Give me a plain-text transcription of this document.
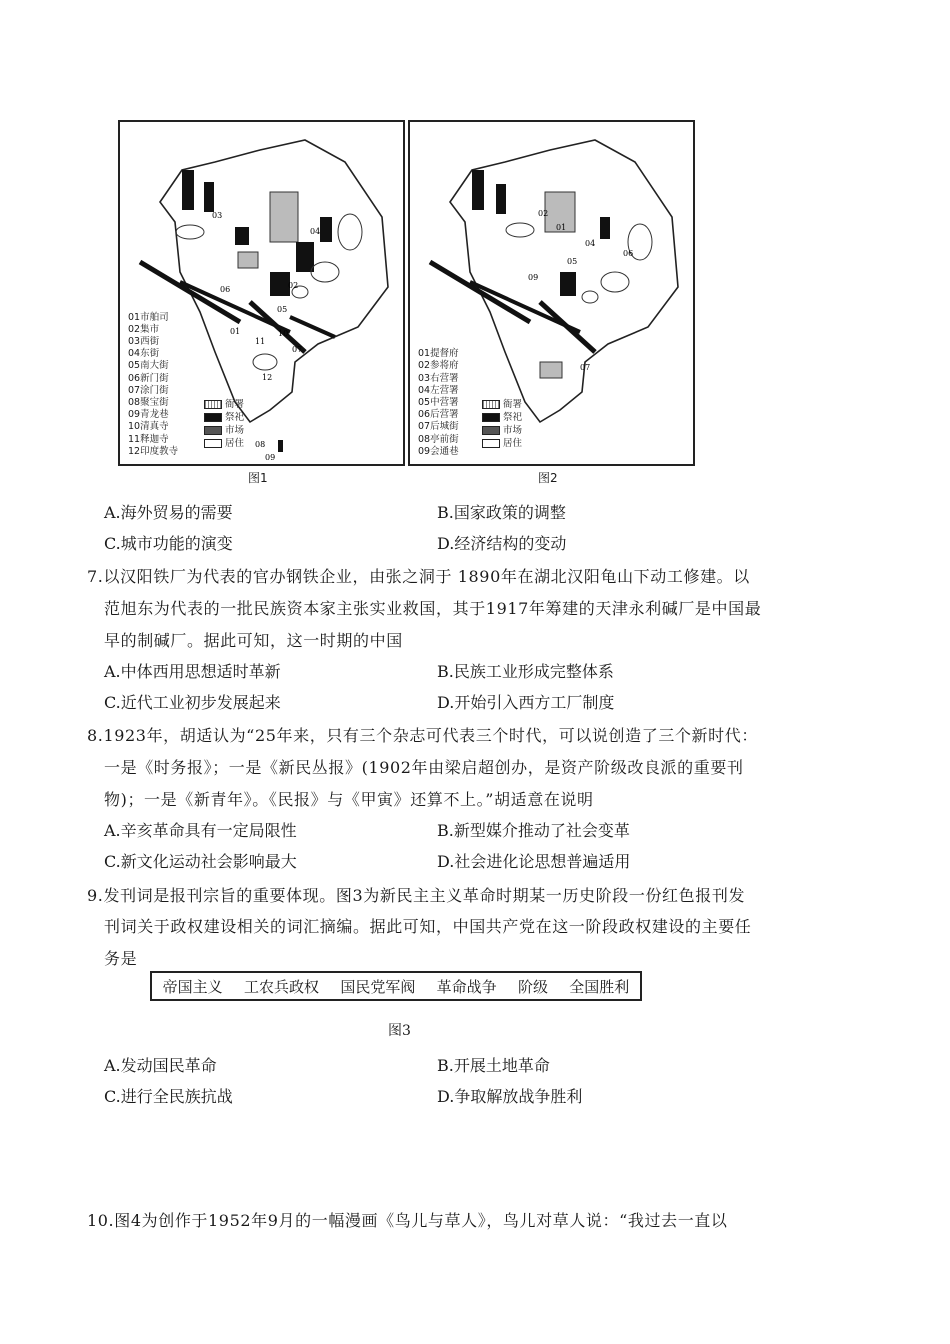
03
04
02
06
05
01	10
07
11
12
08
09
01市舶司
02集市
03西街
04东街
05南大街
06新门街
07涂门街
08聚宝街
09青龙巷
10清真寺
11释迦寺
12印度教寺
衙署
祭祀
市场
居住
图1
02
01
06
09
05
04
07
01提督府
02参将府
03右营署
04左营署
05中营署
06后营署
07后城街
08亭前街
09会通巷
衙署
祭祀
市场
居住
图2
A.海外贸易的需要	B.国家政策的调整
C.城市功能的演变	D.经济结构的变动
7.以汉阳铁厂为代表的官办钢铁企业，由张之洞于 1890年在湖北汉阳龟山下动工修建。以
范旭东为代表的一批民族资本家主张实业救国，其于1917年筹建的天津永利碱厂是中国最
早的制碱厂。据此可知，这一时期的中国
A.中体西用思想适时革新	B.民族工业形成完整体系
C.近代工业初步发展起来	D.开始引入西方工厂制度
8.1923年，胡适认为“25年来，只有三个杂志可代表三个时代，可以说创造了三个新时代：
一是《时务报》；一是《新民丛报》(1902年由梁启超创办，是资产阶级改良派的重要刊
物)；一是《新青年》。《民报》与《甲寅》还算不上。”胡适意在说明
A.辛亥革命具有一定局限性	B.新型媒介推动了社会变革
C.新文化运动社会影响最大	D.社会进化论思想普遍适用
9.发刊词是报刊宗旨的重要体现。图3为新民主主义革命时期某一历史阶段一份红色报刊发
刊词关于政权建设相关的词汇摘编。据此可知，中国共产党在这一阶段政权建设的主要任
务是
帝国主义 工农兵政权 国民党军阀 革命战争 阶级 全国胜利
图3
A.发动国民革命	B.开展土地革命
C.进行全民族抗战	D.争取解放战争胜利
10.图4为创作于1952年9月的一幅漫画《鸟儿与草人》，鸟儿对草人说：“我过去一直以
